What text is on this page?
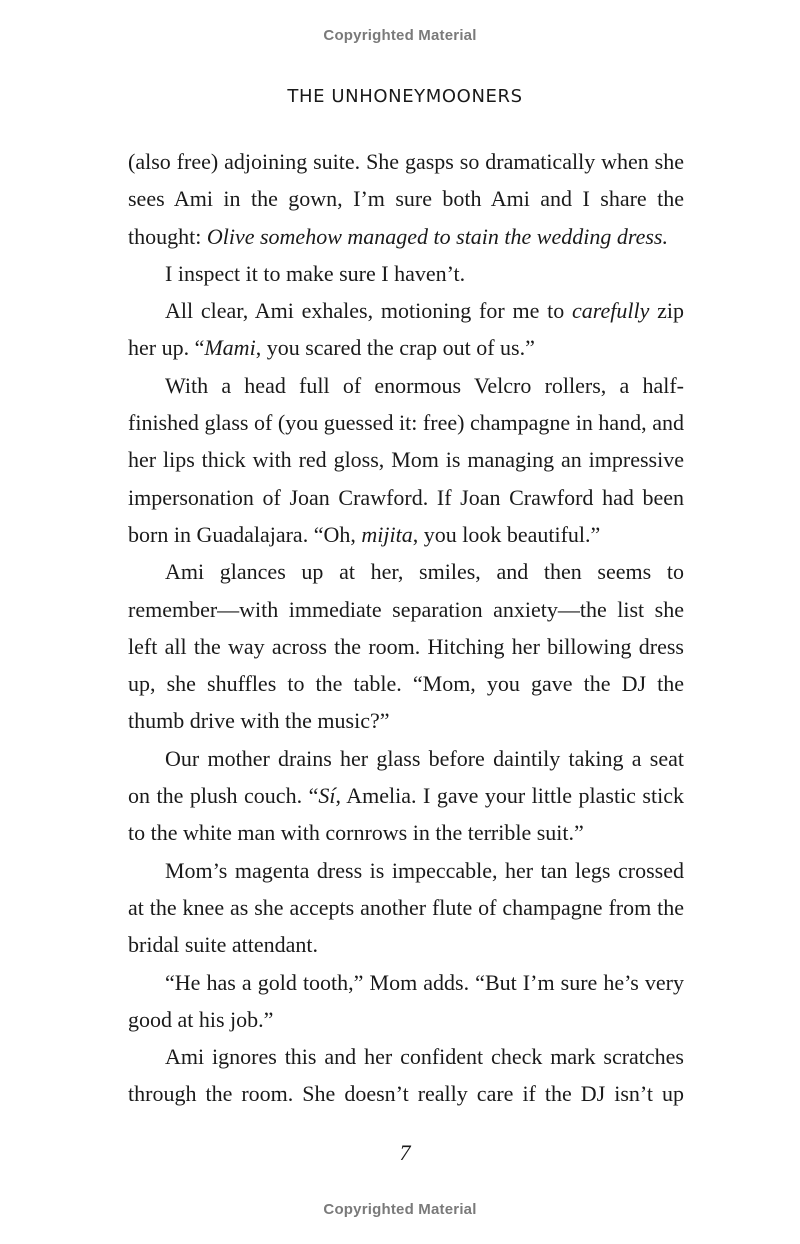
Copyrighted Material
THE UNHONEYMOONERS

(also free) adjoining suite. She gasps so dramatically when she sees Ami in the gown, I’m sure both Ami and I share the thought: Olive somehow managed to stain the wedding dress.

I inspect it to make sure I haven’t.

All clear, Ami exhales, motioning for me to carefully zip her up. “Mami, you scared the crap out of us.”

With a head full of enormous Velcro rollers, a half-finished glass of (you guessed it: free) champagne in hand, and her lips thick with red gloss, Mom is managing an impressive impersonation of Joan Crawford. If Joan Crawford had been born in Guadalajara. “Oh, mijita, you look beautiful.”

Ami glances up at her, smiles, and then seems to remember—with immediate separation anxiety—the list she left all the way across the room. Hitching her billowing dress up, she shuffles to the table. “Mom, you gave the DJ the thumb drive with the music?”

Our mother drains her glass before daintily taking a seat on the plush couch. “Sí, Amelia. I gave your little plastic stick to the white man with cornrows in the terrible suit.”

Mom’s magenta dress is impeccable, her tan legs crossed at the knee as she accepts another flute of champagne from the bridal suite attendant.

“He has a gold tooth,” Mom adds. “But I’m sure he’s very good at his job.”

Ami ignores this and her confident check mark scratches through the room. She doesn’t really care if the DJ isn’t up

7
Copyrighted Material
